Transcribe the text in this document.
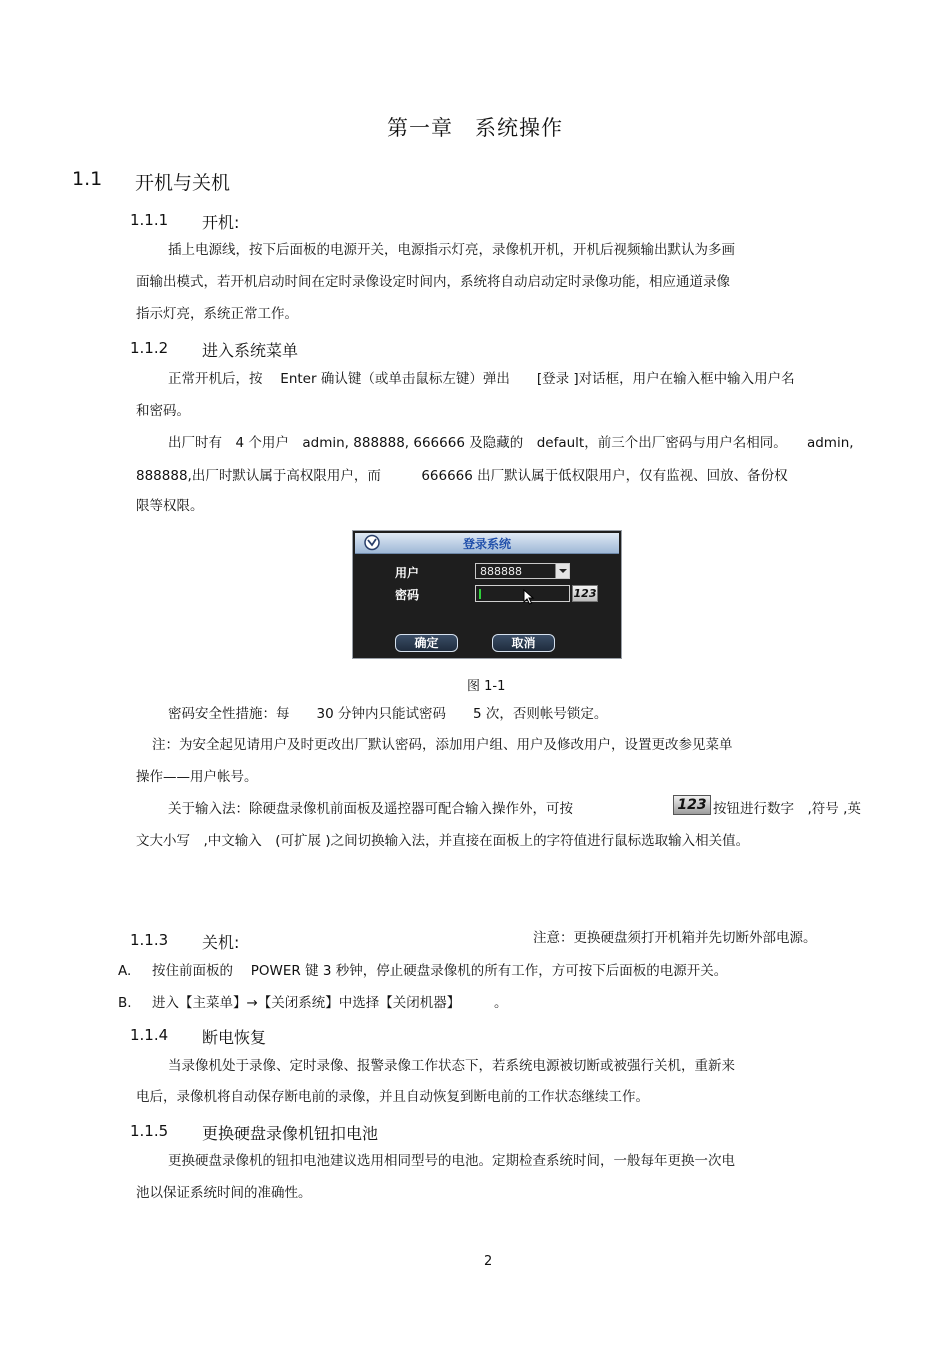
第一章　系统操作
1.1 开机与关机
1.1.1 开机:
插上电源线，按下后面板的电源开关，电源指示灯亮，录像机开机，开机后视频输出默认为多画
面输出模式，若开机启动时间在定时录像设定时间内，系统将自动启动定时录像功能，相应通道录像
指示灯亮，系统正常工作。
1.1.2 进入系统菜单
正常开机后，按　 Enter 确认键（或单击鼠标左键）弹出　　[登录 ]对话框，用户在输入框中输入用户名
和密码。
出厂时有　4 个用户　admin, 888888, 666666 及隐藏的　default，前三个出厂密码与用户名相同。　　admin,
888888,出厂时默认属于高权限用户，而　　　666666 出厂默认属于低权限用户，仅有监视、回放、备份权
限等权限。
登录系统
用户	888888
密码	123
确定	取消
图 1-1
密码安全性措施：每　　30 分钟内只能试密码　　5 次，否则帐号锁定。
注：为安全起见请用户及时更改出厂默认密码，添加用户组、用户及修改用户，设置更改参见菜单
操作——用户帐号。
关于输入法：除硬盘录像机前面板及遥控器可配合输入操作外，可按	123 按钮进行数字　,符号 ,英
文大小写　,中文输入　(可扩展 )之间切换输入法，并直接在面板上的字符值进行鼠标选取输入相关值。
1.1.3 关机:	注意：更换硬盘须打开机箱并先切断外部电源。
A. 按住前面板的　 POWER 键 3 秒钟，停止硬盘录像机的所有工作，方可按下后面板的电源开关。
B. 进入【主菜单】→【关闭系统】中选择【关闭机器】　　　。
1.1.4 断电恢复
当录像机处于录像、定时录像、报警录像工作状态下，若系统电源被切断或被强行关机，重新来
电后，录像机将自动保存断电前的录像，并且自动恢复到断电前的工作状态继续工作。
1.1.5 更换硬盘录像机钮扣电池
更换硬盘录像机的钮扣电池建议选用相同型号的电池。定期检查系统时间，一般每年更换一次电
池以保证系统时间的准确性。
2
